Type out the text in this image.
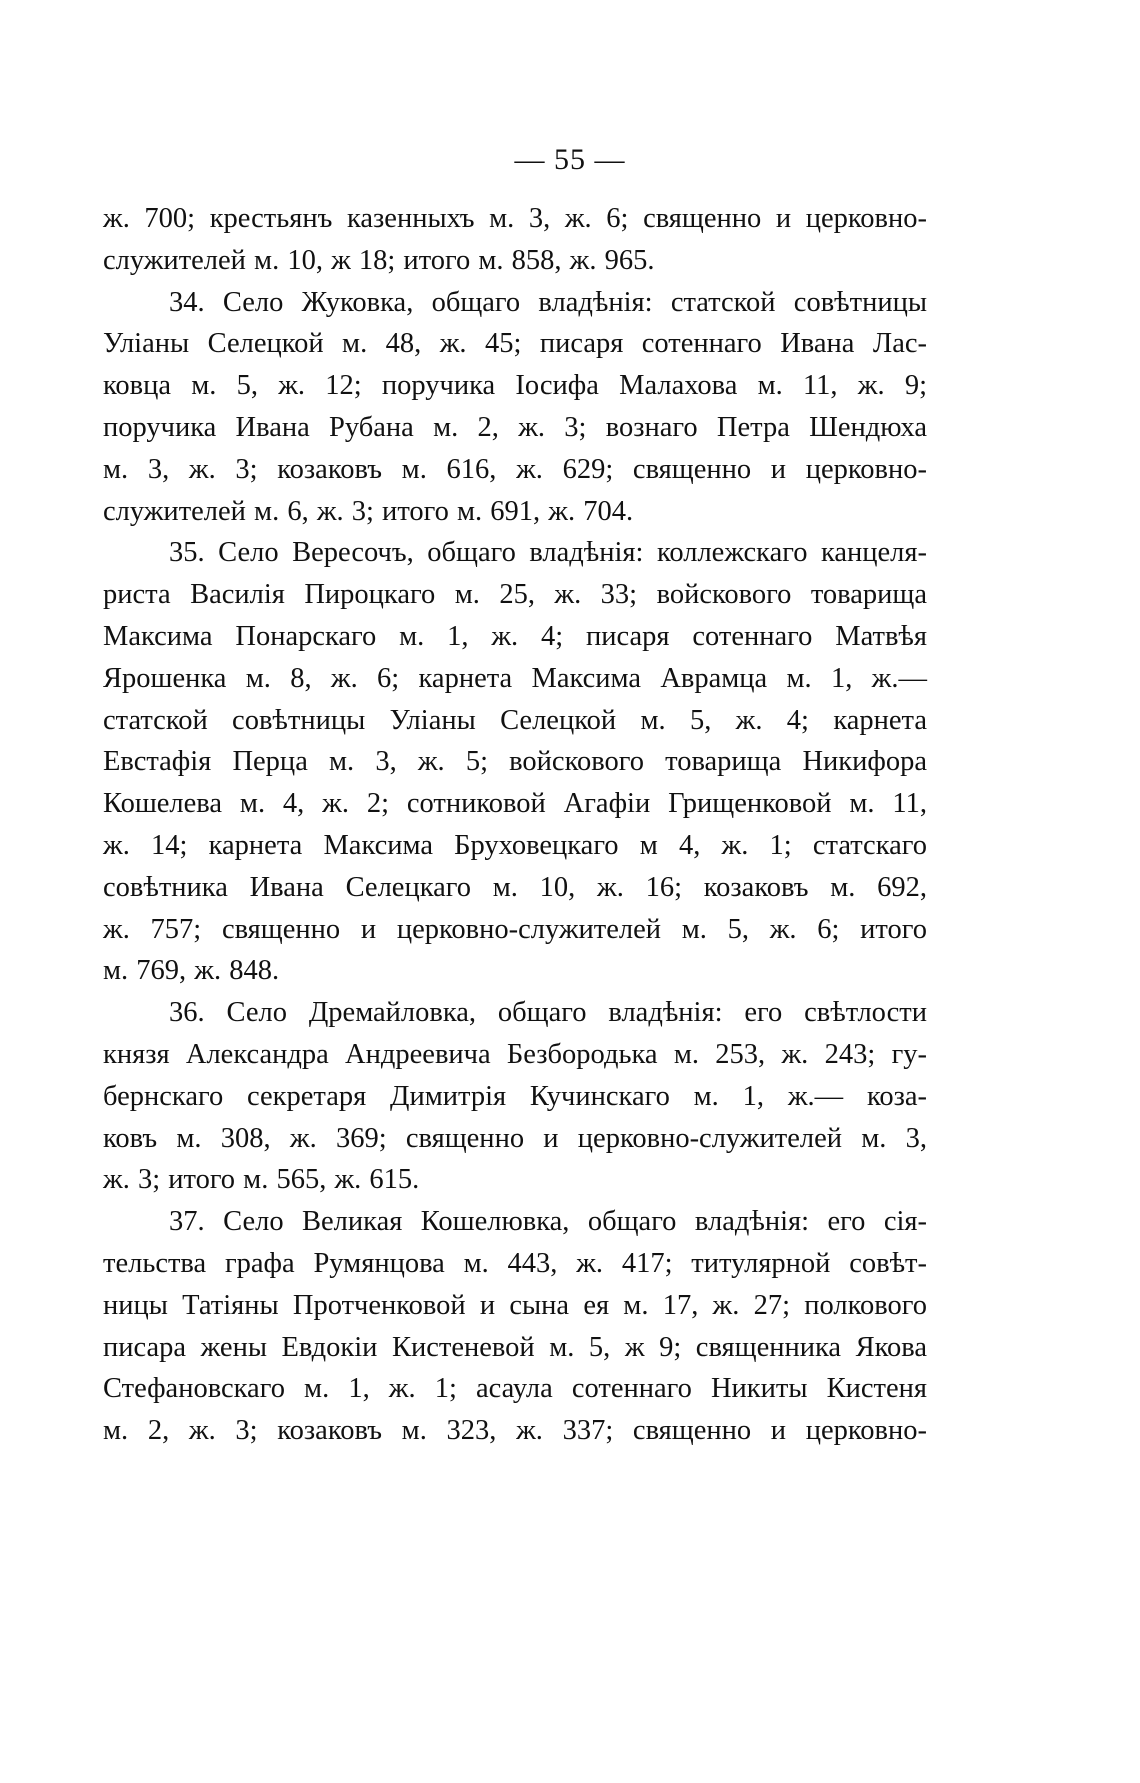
— 55 —

ж. 700; крестьянъ казенныхъ м. 3, ж. 6; священно и церковно-
служителей м. 10, ж 18; итого м. 858, ж. 965.

34. Село Жуковка, общаго владѣнія: статской совѣтницы
Уліаны Селецкой м. 48, ж. 45; писаря сотеннаго Ивана Лас-
ковца м. 5, ж. 12; поручика Іосифа Малахова м. 11, ж. 9;
поручика Ивана Рубана м. 2, ж. 3; вознаго Петра Шендюха
м. 3, ж. 3; козаковъ м. 616, ж. 629; священно и церковно-
служителей м. 6, ж. 3; итого м. 691, ж. 704.

35. Село Вересочъ, общаго владѣнія: коллежскаго канцеля-
риста Василія Пироцкаго м. 25, ж. 33; войскового товарища
Максима Понарскаго м. 1, ж. 4; писаря сотеннаго Матвѣя
Ярошенка м. 8, ж. 6; карнета Максима Аврамца м. 1, ж.—
статской совѣтницы Уліаны Селецкой м. 5, ж. 4; карнета
Евстафія Перца м. 3, ж. 5; войскового товарища Никифора
Кошелева м. 4, ж. 2; сотниковой Агафіи Грищенковой м. 11,
ж. 14; карнета Максима Бруховецкаго м 4, ж. 1; статскаго
совѣтника Ивана Селецкаго м. 10, ж. 16; козаковъ м. 692,
ж. 757; священно и церковно-служителей м. 5, ж. 6; итого
м. 769, ж. 848.

36. Село Дремайловка, общаго владѣнія: его свѣтлости
князя Александра Андреевича Безбородька м. 253, ж. 243; гу-
бернскаго секретаря Димитрія Кучинскаго м. 1, ж.— коза-
ковъ м. 308, ж. 369; священно и церковно-служителей м. 3,
ж. 3; итого м. 565, ж. 615.

37. Село Великая Кошелювка, общаго владѣнія: его сія-
тельства графа Румянцова м. 443, ж. 417; титулярной совѣт-
ницы Татіяны Протченковой и сына ея м. 17, ж. 27; полкового
писара жены Евдокіи Кистеневой м. 5, ж 9; священника Якова
Стефановскаго м. 1, ж. 1; асаула сотеннаго Никиты Кистеня
м. 2, ж. 3; козаковъ м. 323, ж. 337; священно и церковно-
